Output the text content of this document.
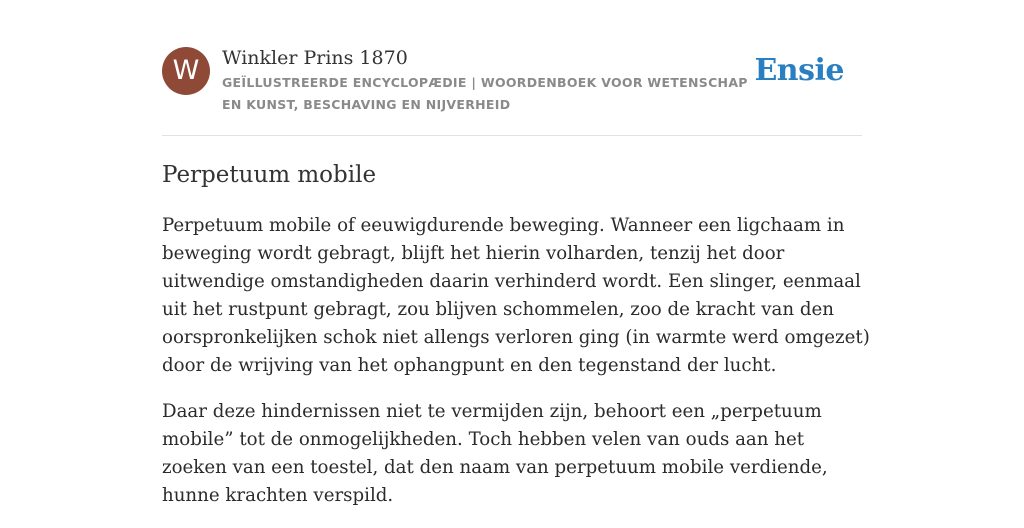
W	Winkler Prins 1870
GEÏLLUSTREERDE ENCYCLOPÆDIE | WOORDENBOEK VOOR WETENSCHAP EN KUNST, BESCHAVING EN NIJVERHEID
Ensie
Perpetuum mobile

Perpetuum mobile of eeuwigdurende beweging. Wanneer een ligchaam in beweging wordt gebragt, blijft het hierin volharden, tenzij het door uitwendige omstandigheden daarin verhinderd wordt. Een slinger, eenmaal uit het rustpunt gebragt, zou blijven schommelen, zoo de kracht van den oorspronkelijken schok niet allengs verloren ging (in warmte werd omgezet) door de wrijving van het ophangpunt en den tegenstand der lucht.

Daar deze hindernissen niet te vermijden zijn, behoort een „perpetuum mobile” tot de onmogelijkheden. Toch hebben velen van ouds aan het zoeken van een toestel, dat den naam van perpetuum mobile verdiende, hunne krachten verspild.
